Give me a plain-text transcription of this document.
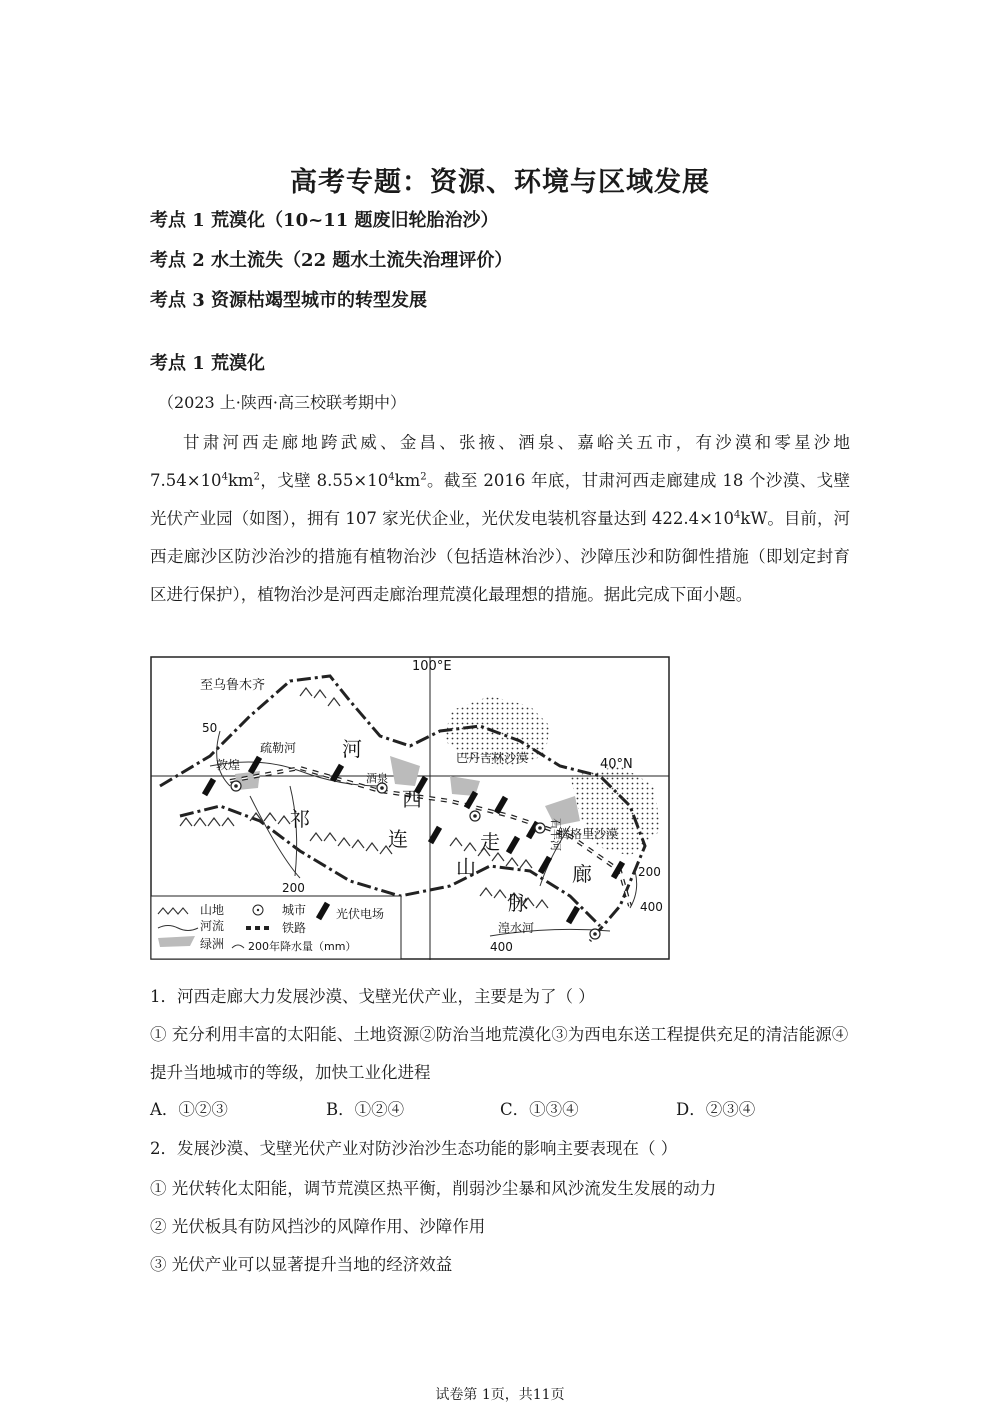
高考专题：资源、环境与区域发展
考点 1 荒漠化（10~11 题废旧轮胎治沙）
考点 2 水土流失（22 题水土流失治理评价）
考点 3 资源枯竭型城市的转型发展
考点 1 荒漠化
（2023 上·陕西·高三校联考期中）
甘肃河西走廊地跨武威、金昌、张掖、酒泉、嘉峪关五市，有沙漠和零星沙地 $7.54\times 10^4km^2$，戈壁 $8.55\times 10^4km^2$。截至 2016 年底，甘肃河西走廊建成 18 个沙漠、戈壁光伏产业园（如图），拥有 107 家光伏企业，光伏发电装机容量达到 $422.4\times 10^4kW$。目前，河西走廊沙区防沙治沙的措施有植物治沙（包括造林治沙）、沙障压沙和防御性措施（即划定封育区进行保护），植物治沙是河西走廊治理荒漠化最理想的措施。据此完成下面小题。
至乌鲁木齐
100°E
40°N
疏勒河
敦煌
酒泉
巴丹吉林沙漠
腾格里沙漠
石羊河
湟水河
河
西
走
廊
祁
连
山
脉
50
200
200
400
400
山地
河流
绿洲
城市
铁路
光伏电场
200年降水量（mm）
1．河西走廊大力发展沙漠、戈壁光伏产业，主要是为了（ ）
① 充分利用丰富的太阳能、土地资源②防治当地荒漠化③为西电东送工程提供充足的清洁能源④提升当地城市的等级，加快工业化进程
A．①②③	B．①②④	C．①③④	D．②③④
2．发展沙漠、戈壁光伏产业对防沙治沙生态功能的影响主要表现在（ ）
① 光伏转化太阳能，调节荒漠区热平衡，削弱沙尘暴和风沙流发生发展的动力
② 光伏板具有防风挡沙的风障作用、沙障作用
③ 光伏产业可以显著提升当地的经济效益
试卷第 1页，共11页
